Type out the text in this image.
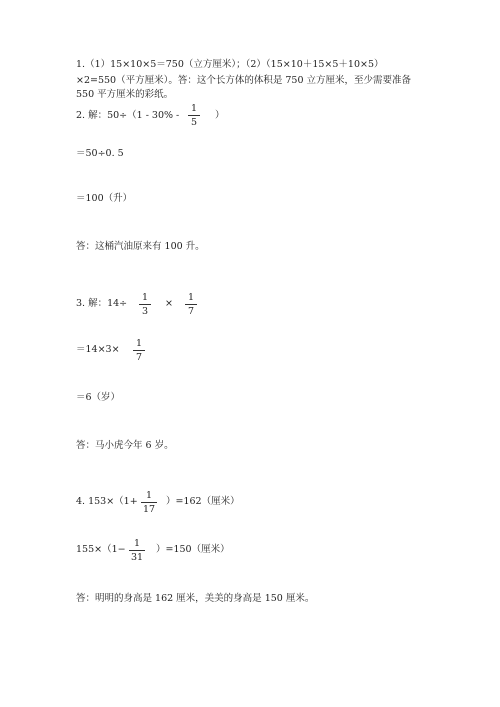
1.（1）15×10×5＝750（立方厘米）；（2）（15×10＋15×5＋10×5）
×2=550（平方厘米）。答：这个长方体的体积是 750 立方厘米，至少需要准备
550 平方厘米的彩纸。
2. 解：50÷（1 - 30% -
1
5
）
＝50÷0. 5
＝100（升）
答：这桶汽油原来有 100 升。
3. 解：14÷
1
3
×
1
7
＝14×3×
1
7
＝6（岁）
答：马小虎今年 6 岁。
4. 153×（1+
1
17
）=162（厘米）
155×（1−
1
31
）=150（厘米）
答：明明的身高是 162 厘米，美美的身高是 150 厘米。
